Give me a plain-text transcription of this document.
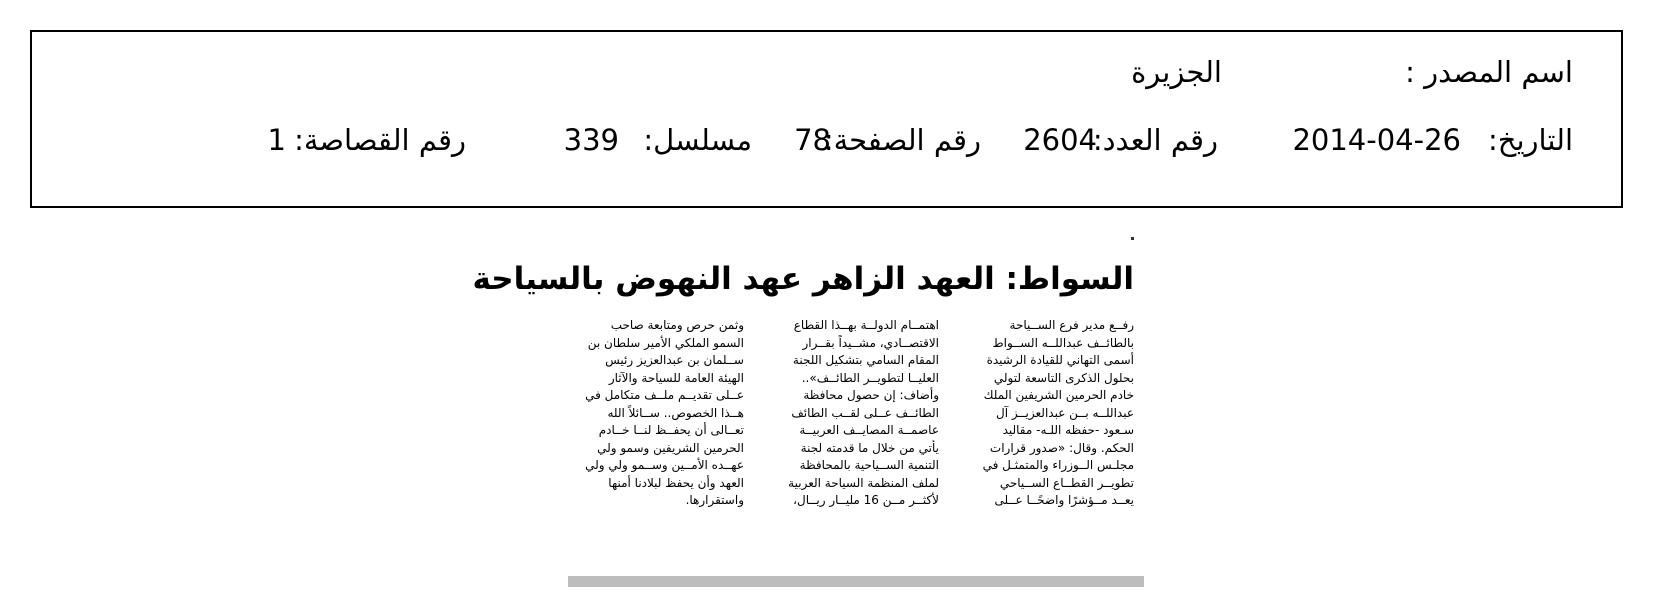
اسم المصدر :
الجزيرة
التاريخ:
2014-04-26
رقم العدد:
2604
رقم الصفحة:
78
مسلسل:
339
رقم القصاصة:
1
السواط: العهد الزاهر عهد النهوض بالسياحة
رفــع مدير فرع الســياحة
بالطائــف عبداللــه الســواط
أسمى التهاني للقيادة الرشيدة
بحلول الذكرى التاسعة لتولي
خادم الحرمين الشريفين الملك
عبداللــه بــن عبدالعزيــز آل
سـعود -حفظه اللـه- مقاليد
الحكم. وقال: «صدور قرارات
مجلـس الــوزراء والمتمثـل في
تطويــر القطــاع الســياحي
يعــد مــؤشرًا واضحًــا عــلى
اهتمــام الدولــة بهــذا القطاع
الاقتصــادي، مشــيداً بقــرار
المقام السامي بتشكيل اللجنة
العليــا لتطويــر الطائــف»..
وأضاف: إن حصول محافظة
الطائــف عــلى لقــب الطائف
عاصمــة المصايــف العربيــة
يأتي من خلال ما قدمته لجنة
التنمية الســياحية بالمحافظة
لملف المنظمة السياحة العربية
لأكثــر مــن 16 مليــار ريــال،
وثمن حرص ومتابعة صاحب
السمو الملكي الأمير سلطان بن
ســلمان بن عبدالعزيز رئيس
الهيئة العامة للسياحة والآثار
عــلى تقديــم ملــف متكامل في
هــذا الخصوص.. ســائلاً الله
تعــالى أن يحفــظ لنــا خــادم
الحرمين الشريفين وسمو ولي
عهــده الأمــين وســمو ولي ولي
العهد وأن يحفظ لبلادنا أمنها
واستقرارها.
